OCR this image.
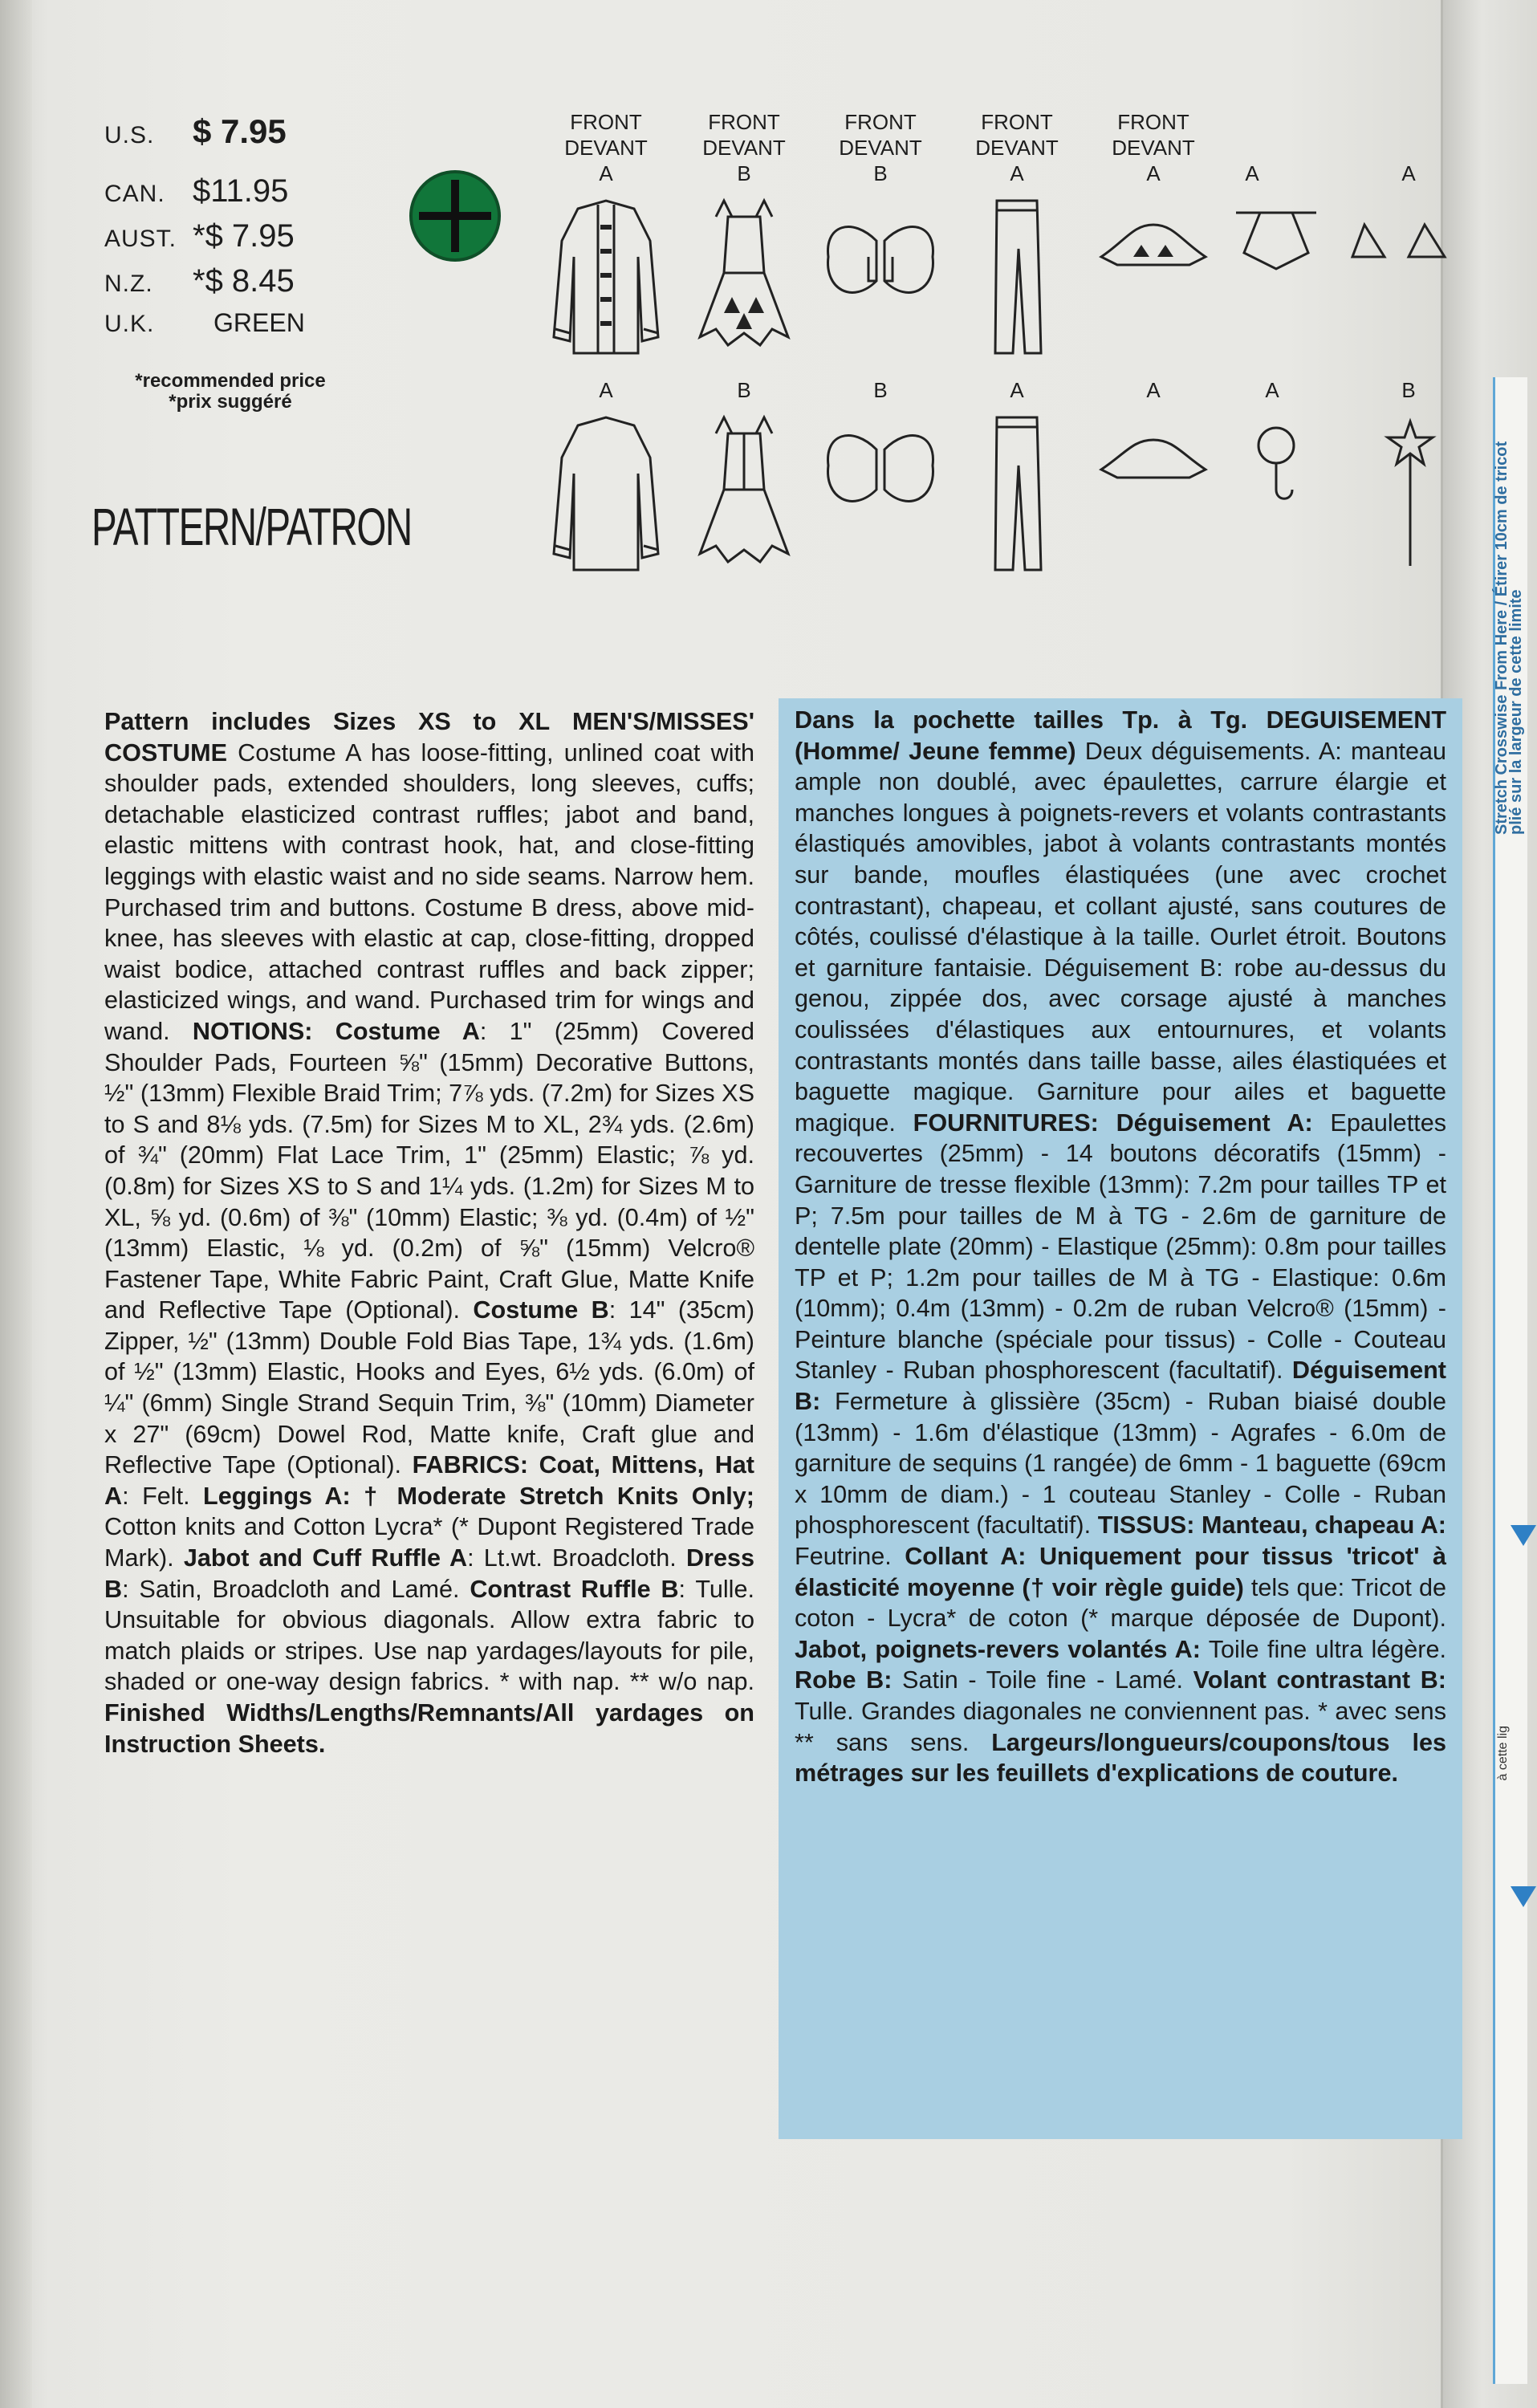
Stretch Crosswise From Here / Étirer 10cm de tricot plié sur la largeur de cette limite
à cette lig
U.S.	$ 7.95
CAN. $11.95
AUST. *$ 7.95
N.Z.	*$ 8.45
U.K.	GREEN
*recommended price
*prix suggéré
PATTERN/PATRON
FRONT
DEVANT
A
FRONT
DEVANT
B
FRONT
DEVANT
B
FRONT
DEVANT
A
FRONT
DEVANT
A	A	A
A	B	B	A	A	A	B
Pattern includes Sizes XS to XL MEN'S/MISSES' COSTUME Costume A has loose-fitting, unlined coat with shoulder pads, extended shoulders, long sleeves, cuffs; detachable elasticized contrast ruffles; jabot and band, elastic mittens with contrast hook, hat, and close-fitting leggings with elastic waist and no side seams. Narrow hem. Purchased trim and buttons. Costume B dress, above mid-knee, has sleeves with elastic at cap, close-fitting, dropped waist bodice, attached contrast ruffles and back zipper; elasticized wings, and wand. Purchased trim for wings and wand. NOTIONS: Costume A: 1" (25mm) Covered Shoulder Pads, Fourteen ⅝" (15mm) Decorative Buttons, ½" (13mm) Flexible Braid Trim; 7⅞ yds. (7.2m) for Sizes XS to S and 8⅛ yds. (7.5m) for Sizes M to XL, 2¾ yds. (2.6m) of ¾" (20mm) Flat Lace Trim, 1" (25mm) Elastic; ⅞ yd. (0.8m) for Sizes XS to S and 1¼ yds. (1.2m) for Sizes M to XL, ⅝ yd. (0.6m) of ⅜" (10mm) Elastic; ⅜ yd. (0.4m) of ½" (13mm) Elastic, ⅛ yd. (0.2m) of ⅝" (15mm) Velcro® Fastener Tape, White Fabric Paint, Craft Glue, Matte Knife and Reflective Tape (Optional). Costume B: 14" (35cm) Zipper, ½" (13mm) Double Fold Bias Tape, 1¾ yds. (1.6m) of ½" (13mm) Elastic, Hooks and Eyes, 6½ yds. (6.0m) of ¼" (6mm) Single Strand Sequin Trim, ⅜" (10mm) Diameter x 27" (69cm) Dowel Rod, Matte knife, Craft glue and Reflective Tape (Optional). FABRICS: Coat, Mittens, Hat A: Felt. Leggings A: † Moderate Stretch Knits Only; Cotton knits and Cotton Lycra* (* Dupont Registered Trade Mark). Jabot and Cuff Ruffle A: Lt.wt. Broadcloth. Dress B: Satin, Broadcloth and Lamé. Contrast Ruffle B: Tulle. Unsuitable for obvious diagonals. Allow extra fabric to match plaids or stripes. Use nap yardages/layouts for pile, shaded or one-way design fabrics. * with nap. ** w/o nap. Finished Widths/Lengths/Remnants/All yardages on Instruction Sheets.
Dans la pochette tailles Tp. à Tg. DEGUISEMENT (Homme/ Jeune femme) Deux déguisements. A: manteau ample non doublé, avec épaulettes, carrure élargie et manches longues à poignets-revers et volants contrastants élastiqués amovibles, jabot à volants contrastants montés sur bande, moufles élastiquées (une avec crochet contrastant), chapeau, et collant ajusté, sans coutures de côtés, coulissé d'élastique à la taille. Ourlet étroit. Boutons et garniture fantaisie. Déguisement B: robe au-dessus du genou, zippée dos, avec corsage ajusté à manches coulissées d'élastiques aux entournures, et volants contrastants montés dans taille basse, ailes élastiquées et baguette magique. Garniture pour ailes et baguette magique. FOURNITURES: Déguisement A: Epaulettes recouvertes (25mm) - 14 boutons décoratifs (15mm) - Garniture de tresse flexible (13mm): 7.2m pour tailles TP et P; 7.5m pour tailles de M à TG - 2.6m de garniture de dentelle plate (20mm) - Elastique (25mm): 0.8m pour tailles TP et P; 1.2m pour tailles de M à TG - Elastique: 0.6m (10mm); 0.4m (13mm) - 0.2m de ruban Velcro® (15mm) - Peinture blanche (spéciale pour tissus) - Colle - Couteau Stanley - Ruban phosphorescent (facultatif). Déguisement B: Fermeture à glissière (35cm) - Ruban biaisé double (13mm) - 1.6m d'élastique (13mm) - Agrafes - 6.0m de garniture de sequins (1 rangée) de 6mm - 1 baguette (69cm x 10mm de diam.) - 1 couteau Stanley - Colle - Ruban phosphorescent (facultatif). TISSUS: Manteau, chapeau A: Feutrine. Collant A: Uniquement pour tissus 'tricot' à élasticité moyenne († voir règle guide) tels que: Tricot de coton - Lycra* de coton (* marque déposée de Dupont). Jabot, poignets-revers volantés A: Toile fine ultra légère. Robe B: Satin - Toile fine - Lamé. Volant contrastant B: Tulle. Grandes diagonales ne conviennent pas. * avec sens ** sans sens. Largeurs/longueurs/coupons/tous les métrages sur les feuillets d'explications de couture.
